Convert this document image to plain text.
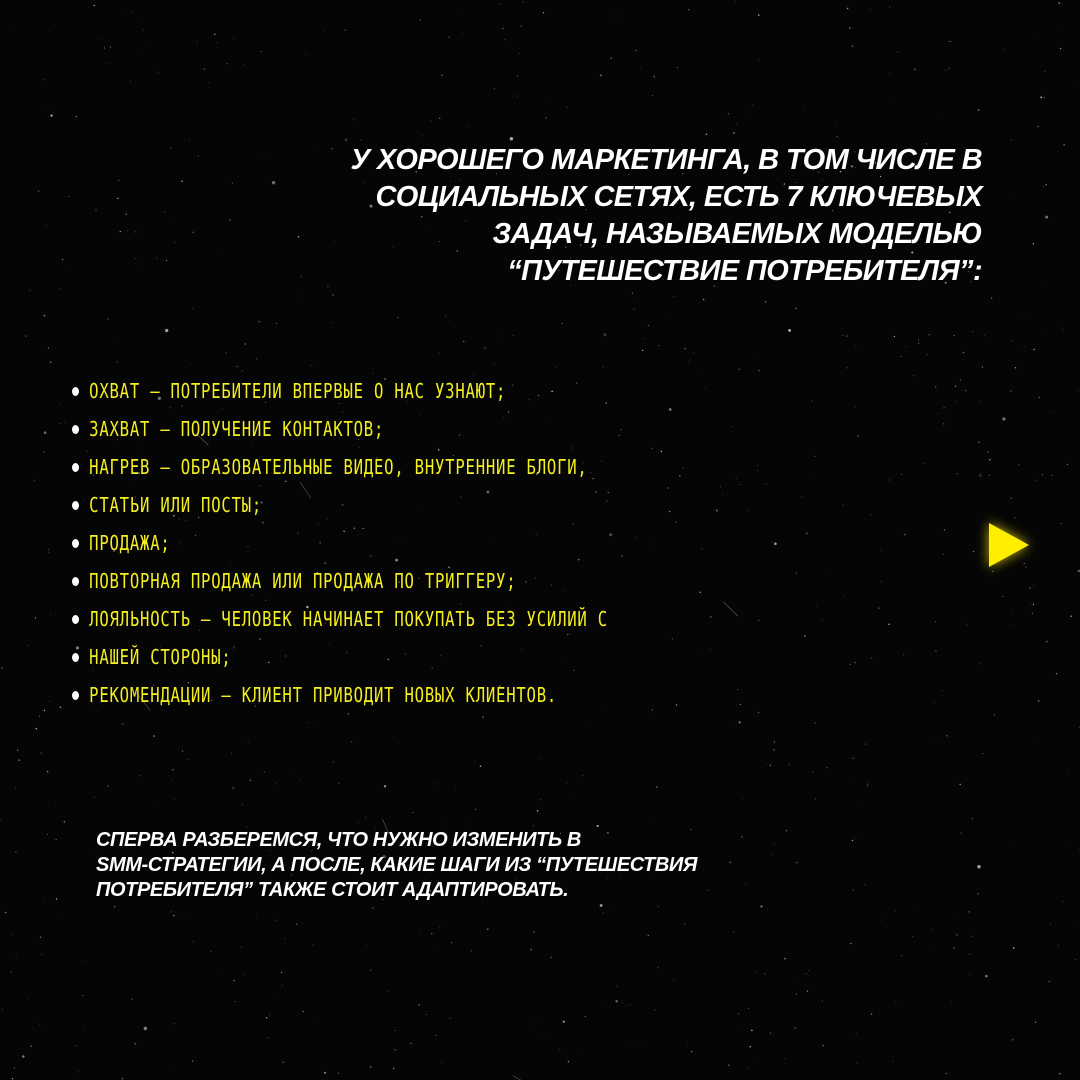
У ХОРОШЕГО МАРКЕТИНГА, В ТОМ ЧИСЛЕ В
СОЦИАЛЬНЫХ СЕТЯХ, ЕСТЬ 7 КЛЮЧЕВЫХ
ЗАДАЧ, НАЗЫВАЕМЫХ МОДЕЛЬЮ
“ПУТЕШЕСТВИЕ ПОТРЕБИТЕЛЯ”:
ОХВАТ — ПОТРЕБИТЕЛИ ВПЕРВЫЕ О НАС УЗНАЮТ;
ЗАХВАТ — ПОЛУЧЕНИЕ КОНТАКТОВ;
НАГРЕВ — ОБРАЗОВАТЕЛЬНЫЕ ВИДЕО, ВНУТРЕННИЕ БЛОГИ,
СТАТЬИ ИЛИ ПОСТЫ;
ПРОДАЖА;
ПОВТОРНАЯ ПРОДАЖА ИЛИ ПРОДАЖА ПО ТРИГГЕРУ;
ЛОЯЛЬНОСТЬ — ЧЕЛОВЕК НАЧИНАЕТ ПОКУПАТЬ БЕЗ УСИЛИЙ С
НАШЕЙ СТОРОНЫ;
РЕКОМЕНДАЦИИ — КЛИЕНТ ПРИВОДИТ НОВЫХ КЛИЕНТОВ.
СПЕРВА РАЗБЕРЕМСЯ, ЧТО НУЖНО ИЗМЕНИТЬ В
SMM-СТРАТЕГИИ, А ПОСЛЕ, КАКИЕ ШАГИ ИЗ “ПУТЕШЕСТВИЯ
ПОТРЕБИТЕЛЯ” ТАКЖЕ СТОИТ АДАПТИРОВАТЬ.
